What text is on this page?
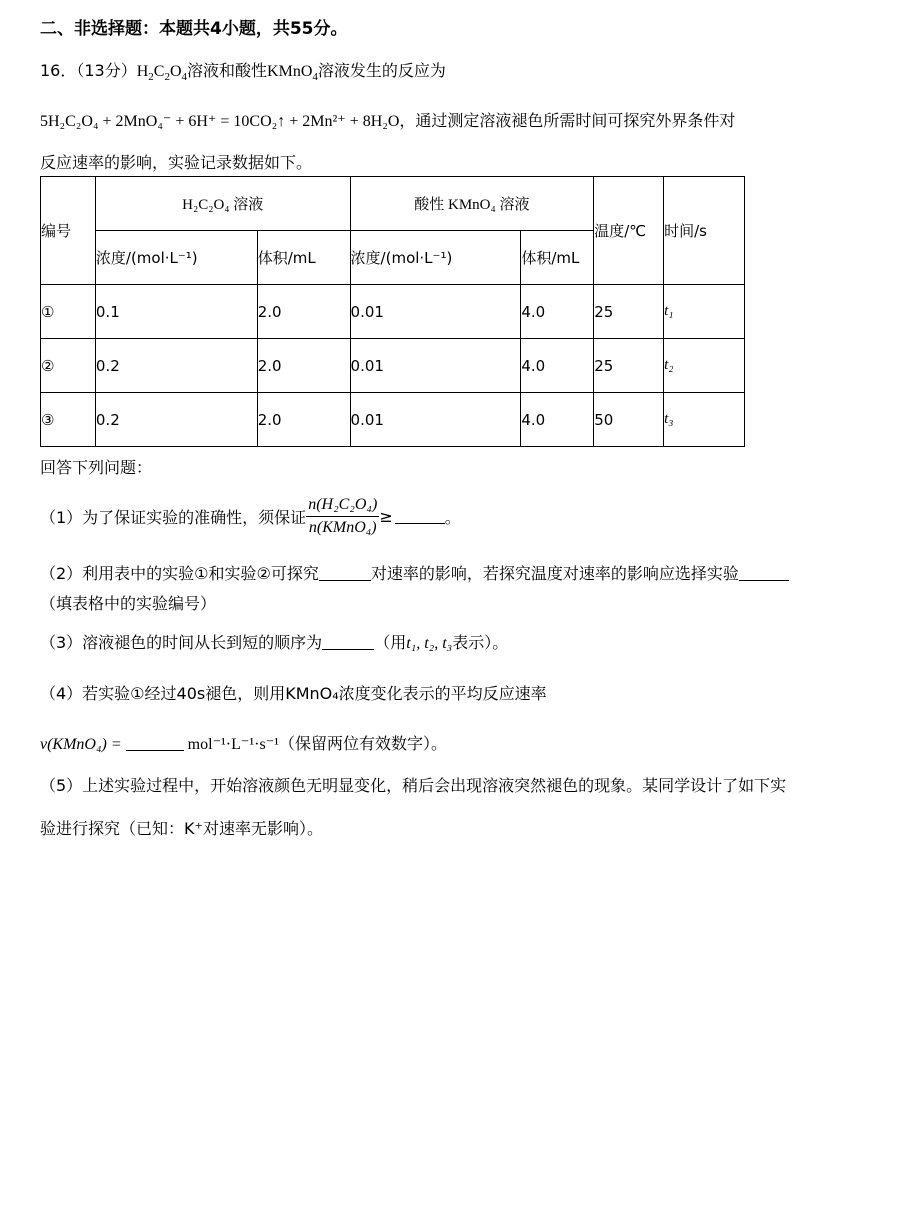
二、非选择题：本题共4小题，共55分。
16．（13分）$H_2C_2O_4$溶液和酸性KMnO$_4$溶液发生的反应为
5H₂C₂O₄ + 2MnO₄⁻ + 6H⁺ = 10CO₂↑ + 2Mn²⁺ + 8H₂O，通过测定溶液褪色所需时间可探究外界条件对
反应速率的影响，实验记录数据如下。
编号	H₂C₂O₄ 溶液		酸性 KMnO₄ 溶液		温度/℃	时间/s
	浓度/(mol·L⁻¹)	体积/mL	浓度/(mol·L⁻¹)	体积/mL		
①	0.1	2.0	0.01	4.0	25	t₁
②	0.2	2.0	0.01	4.0	25	t₂
③	0.2	2.0	0.01	4.0	50	t₃
回答下列问题：
（1）为了保证实验的准确性，须保证 $\frac{\text{n(H₂C₂O₄)}}{\text{n(KMnO₄)}}$ ≥	。
（2）利用表中的实验①和实验②可探究	对速率的影响，若探究温度对速率的影响应选择实验
（填表格中的实验编号）
（3）溶液褪色的时间从长到短的顺序为	（用t₁, t₂, t₃表示）。
（4）若实验①经过40s褪色，则用KMnO₄浓度变化表示的平均反应速率
v(KMnO₄) =	mol⁻¹·L⁻¹·s⁻¹（保留两位有效数字）。
（5）上述实验过程中，开始溶液颜色无明显变化，稍后会出现溶液突然褪色的现象。某同学设计了如下实
验进行探究（已知：K⁺对速率无影响）。
